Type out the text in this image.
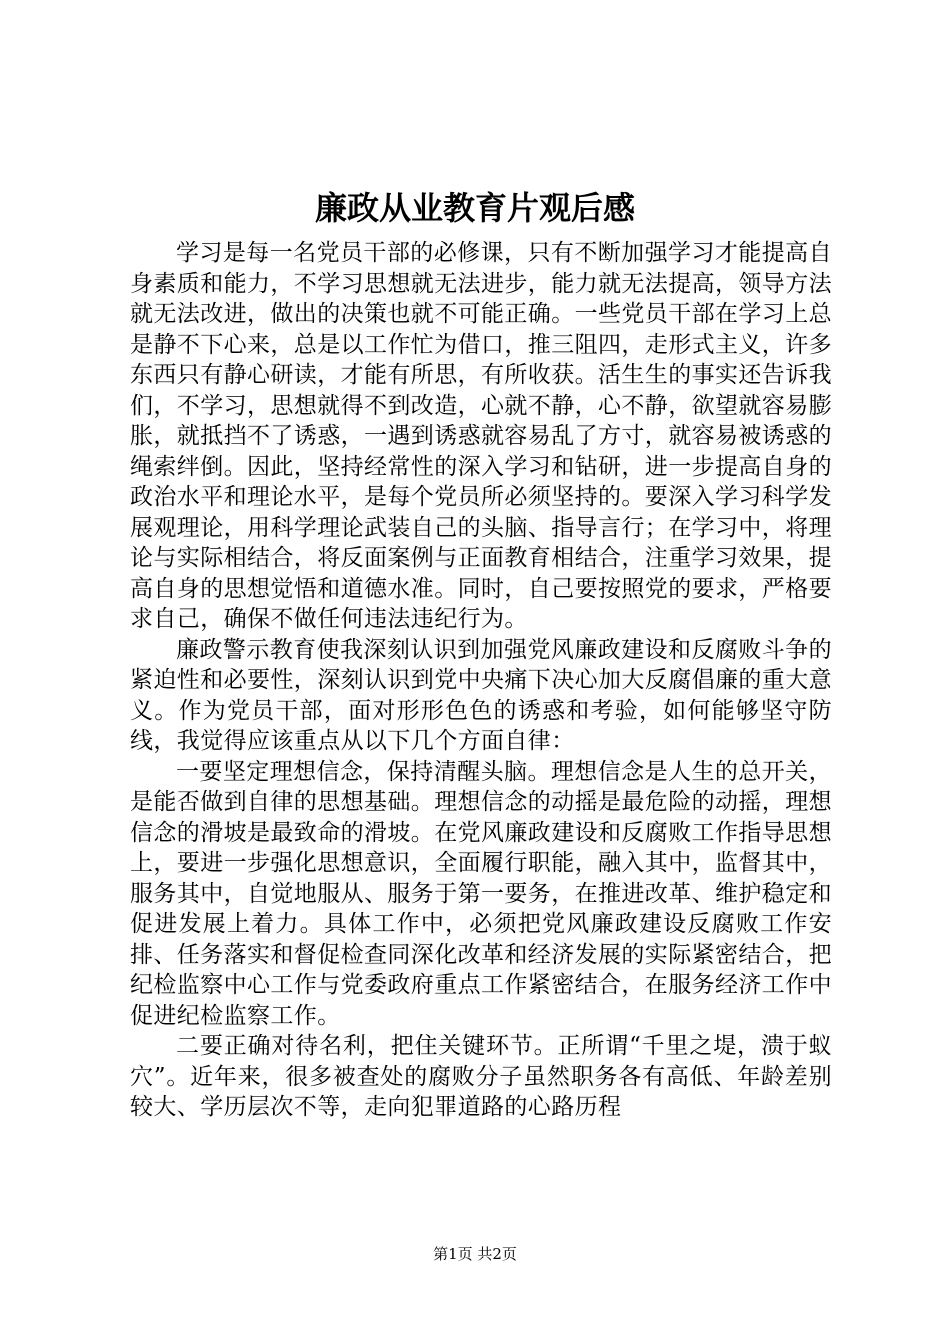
廉政从业教育片观后感

学习是每一名党员干部的必修课，只有不断加强学习才能提高自身素质和能力，不学习思想就无法进步，能力就无法提高，领导方法就无法改进，做出的决策也就不可能正确。一些党员干部在学习上总是静不下心来，总是以工作忙为借口，推三阻四，走形式主义，许多东西只有静心研读，才能有所思，有所收获。活生生的事实还告诉我们，不学习，思想就得不到改造，心就不静，心不静，欲望就容易膨胀，就抵挡不了诱惑，一遇到诱惑就容易乱了方寸，就容易被诱惑的绳索绊倒。因此，坚持经常性的深入学习和钻研，进一步提高自身的政治水平和理论水平，是每个党员所必须坚持的。要深入学习科学发展观理论，用科学理论武装自己的头脑、指导言行；在学习中，将理论与实际相结合，将反面案例与正面教育相结合，注重学习效果，提高自身的思想觉悟和道德水准。同时，自己要按照党的要求，严格要求自己，确保不做任何违法违纪行为。

廉政警示教育使我深刻认识到加强党风廉政建设和反腐败斗争的紧迫性和必要性，深刻认识到党中央痛下决心加大反腐倡廉的重大意义。作为党员干部，面对形形色色的诱惑和考验，如何能够坚守防线，我觉得应该重点从以下几个方面自律：

一要坚定理想信念，保持清醒头脑。理想信念是人生的总开关，是能否做到自律的思想基础。理想信念的动摇是最危险的动摇，理想信念的滑坡是最致命的滑坡。在党风廉政建设和反腐败工作指导思想上，要进一步强化思想意识，全面履行职能，融入其中，监督其中，服务其中，自觉地服从、服务于第一要务，在推进改革、维护稳定和促进发展上着力。具体工作中，必须把党风廉政建设反腐败工作安排、任务落实和督促检查同深化改革和经济发展的实际紧密结合，把纪检监察中心工作与党委政府重点工作紧密结合，在服务经济工作中促进纪检监察工作。

二要正确对待名利，把住关键环节。正所谓“千里之堤，溃于蚁穴”。近年来，很多被查处的腐败分子虽然职务各有高低、年龄差别较大、学历层次不等，走向犯罪道路的心路历程

第1页 共2页
